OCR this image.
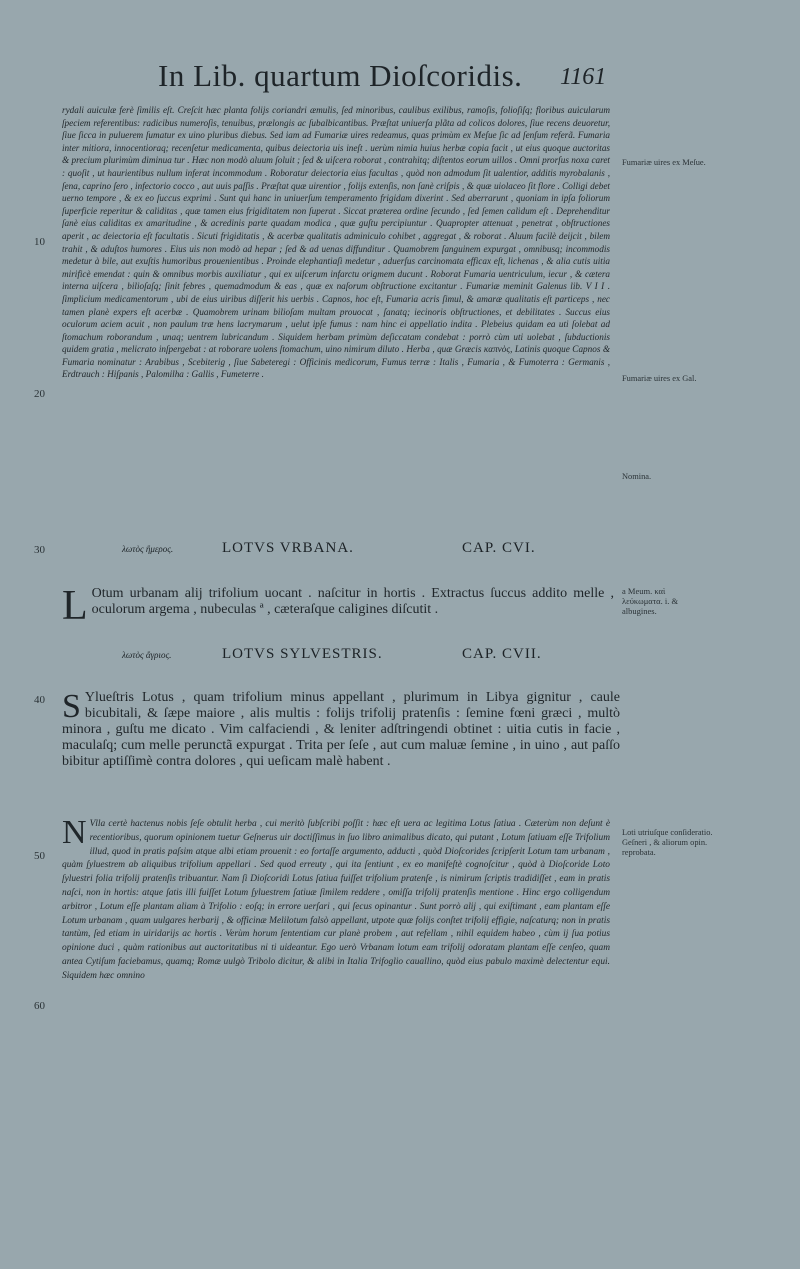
In Lib. quartum Dioſcoridis. 1161
10
20
30
40
50
60

rydali auiculæ ferè ſimilis eſt. Creſcit hæc planta folijs coriandri æmulis, ſed minoribus, caulibus exilibus, ramoſis, folioſiſq; floribus auicularum ſpeciem referentibus: radicibus numeroſis, tenuibus, prælongis ac ſubalbicantibus. Præſtat uniuerſa plãta ad colicos dolores, ſiue recens deuoretur, ſiue ſicca in puluerem ſumatur ex uino pluribus diebus. Sed iam ad Fumariæ uires redeamus, quas primùm ex Meſue ſic ad ſenſum referã. Fumaria inter mitiora, innocentioraq; recenſetur medicamenta, quibus deiectoria uis ineſt . uerùm nimia huius herbæ copia facit , ut eius quoque auctoritas & precium plurimùm diminua tur . Hæc non modò aluum ſoluit ; ſed & uiſcera roborat , contrahitq; diſtentos eorum uillos . Omni prorſus noxa caret : quoſit , ut haurientibus nullum inferat incommodum . Roboratur deiectoria eius facultas , quòd non admodum ſit ualentior, additis myrobalanis , ſena, caprino ſero , infectorio cocco , aut uuis paſſis . Præſtat quæ uirentior , folijs extenſis, non ſanè criſpis , & quæ uiolaceo ſit flore . Colligi debet uerno tempore , & ex eo ſuccus exprimi . Sunt qui hanc in uniuerſum temperamento frigidam dixerint . Sed aberrarunt , quoniam in ipſa foliorum ſuperficie reperitur & caliditas , quæ tamen eius frigiditatem non ſuperat . Siccat præterea ordine ſecundo , ſed ſemen calidum eſt . Deprehenditur ſanè eius caliditas ex amaritudine , & acredinis parte quadam modica , quæ guſtu percipiuntur . Quapropter attenuat , penetrat , obſtructiones aperit , ac deiectoria eſt facultatis . Sicuti frigiditatis , & acerbæ qualitatis adminiculo cohibet , aggregat , & roborat . Aluum facilè deijcit , bilem trahit , & aduſtos humores . Eius uis non modò ad hepar ; ſed & ad uenas diffunditur . Quamobrem ſanguinem expurgat , omnibusq; incommodis medetur à bile, aut exuſtis humoribus prouenientibus . Proinde elephantiaſi medetur , aduerſus carcinomata efficax eſt, lichenas , & alia cutis uitia mirificè emendat : quin & omnibus morbis auxiliatur , qui ex uiſcerum infarctu origmem ducunt . Roborat Fumaria uentriculum, iecur , & cætera interna uiſcera , bilioſaſq; ſinit febres , quemadmodum & eas , quæ ex naſorum obſtructione excitantur . Fumariæ meminit Galenus lib. V I I . ſimplicium medicamentorum , ubi de eius uiribus diſſerit his uerbis . Capnos, hoc eſt, Fumaria acris ſimul, & amaræ qualitatis eſt particeps , nec tamen planè expers eſt acerbæ . Quamobrem urinam bilioſam multam prouocat , ſanatq; iecinoris obſtructiones, et debilitates . Succus eius oculorum aciem acuit , non paulum træ hens lacrymarum , uelut ipſe fumus : nam hinc ei appellatio indita . Plebeius quidam ea uti ſolebat ad ſtomachum roborandum , unaq; uentrem lubricandum . Siquidem herbam primùm deſiccatam condebat : porrò cùm uti uolebat , ſubductionis quidem gratia , melicrato inſpergebat : at roborare uolens ſtomachum, uino nimirum diluto . Herba , quæ Græcis καπνὸς, Latinis quoque Capnos & Fumaria nominatur : Arabibus , Scebiterig , ſiue Sabeteregi : Officinis medicorum, Fumus terræ : Italis , Fumaria , & Fumoterra : Germanis , Erdtrauch : Hiſpanis , Palomilha : Gallis , Fumeterre .

Fumariæ uires ex Meſue.
Fumariæ uires ex Gal.
Nomina.
λωτὸς ἥμερος.	LOTVS VRBANA.	CAP. CVI.
L Otum urbanam alij trifolium uocant . naſcitur in hortis . Extractus ſuccus addito melle , oculorum argema , nubeculas ª , cæteraſque caligines diſcutit .
a Meum. καὶ λεύκωματα. i. & albugines.
λωτὸς ἄγριος.	LOTVS SYLVESTRIS.	CAP. CVII.
S Ylueſtris Lotus , quam trifolium minus appellant , plurimum in Libya gignitur , caule bicubitali, & ſæpe maiore , alis multis : folijs trifolij pratenſis : ſemine fœni græci , multò minora , guſtu me dicato . Vim calfaciendi , & leniter adſtringendi obtinet : uitia cutis in facie , maculaſq; cum melle perunctã expurgat . Trita per ſeſe , aut cum maluæ ſemine , in uino , aut paſſo bibitur aptiſſimè contra dolores , qui ueſicam malè habent .

N Vlla certè hactenus nobis ſeſe obtulit herba , cui meritò ſubſcribi poſſit : hæc eſt uera ac legitima Lotus ſatiua . Cæterùm non deſunt è recentioribus, quorum opinionem tuetur Geſnerus uir doctiſſimus in ſuo libro animalibus dicato, qui putant , Lotum ſatiuam eſſe Trifolium illud, quod in pratis paſsim atque albi etiam prouenit : eo fortaſſe argumento, adducti , quòd Dioſcorides ſcripſerit Lotum tam urbanam , quàm ſyluestrem ab aliquibus trifolium appellari . Sed quod erreuty , qui ita ſentiunt , ex eo manifeſtè cognoſcitur , quòd à Dioſcoride Loto ſyluestri folia trifolij pratenſis tribuantur. Nam ſi Dioſcoridi Lotus ſatiua fuiſſet trifolium pratenſe , is nimirum ſcriptis tradidiſſet , eam in pratis naſci, non in hortis: atque ſatis illi fuiſſet Lotum ſyluestrem ſatiuæ ſimilem reddere , omiſſa trifolij pratenſis mentione . Hinc ergo colligendum arbitror , Lotum eſſe plantam aliam à Trifolio : eoſq; in errore uerſari , qui ſecus opinantur . Sunt porrò alij , qui exiſtimant , eam plantam eſſe Lotum urbanam , quam uulgares herbarij , & officinæ Melilotum falsò appellant, utpote quæ folijs conſtet trifolij effigie, naſcaturq; non in pratis tantùm, ſed etiam in uiridarijs ac hortis . Verùm horum ſententiam cur planè probem , aut refellam , nihil equidem habeo , cùm ij ſua potius opinione duci , quàm rationibus aut auctoritatibus ni ti uideantur. Ego uerò Vrbanam lotum eam trifolij odoratam plantam eſſe cenſeo, quam antea Cytiſum faciebamus, quamq; Romæ uulgò Tribolo dicitur, & alibi in Italia Trifoglio cauallino, quòd eius pabulo maximè delectentur equi. Siquidem hæc omnino

Loti utriuſque conſideratio. Geſneri , & aliorum opin. reprobata.
